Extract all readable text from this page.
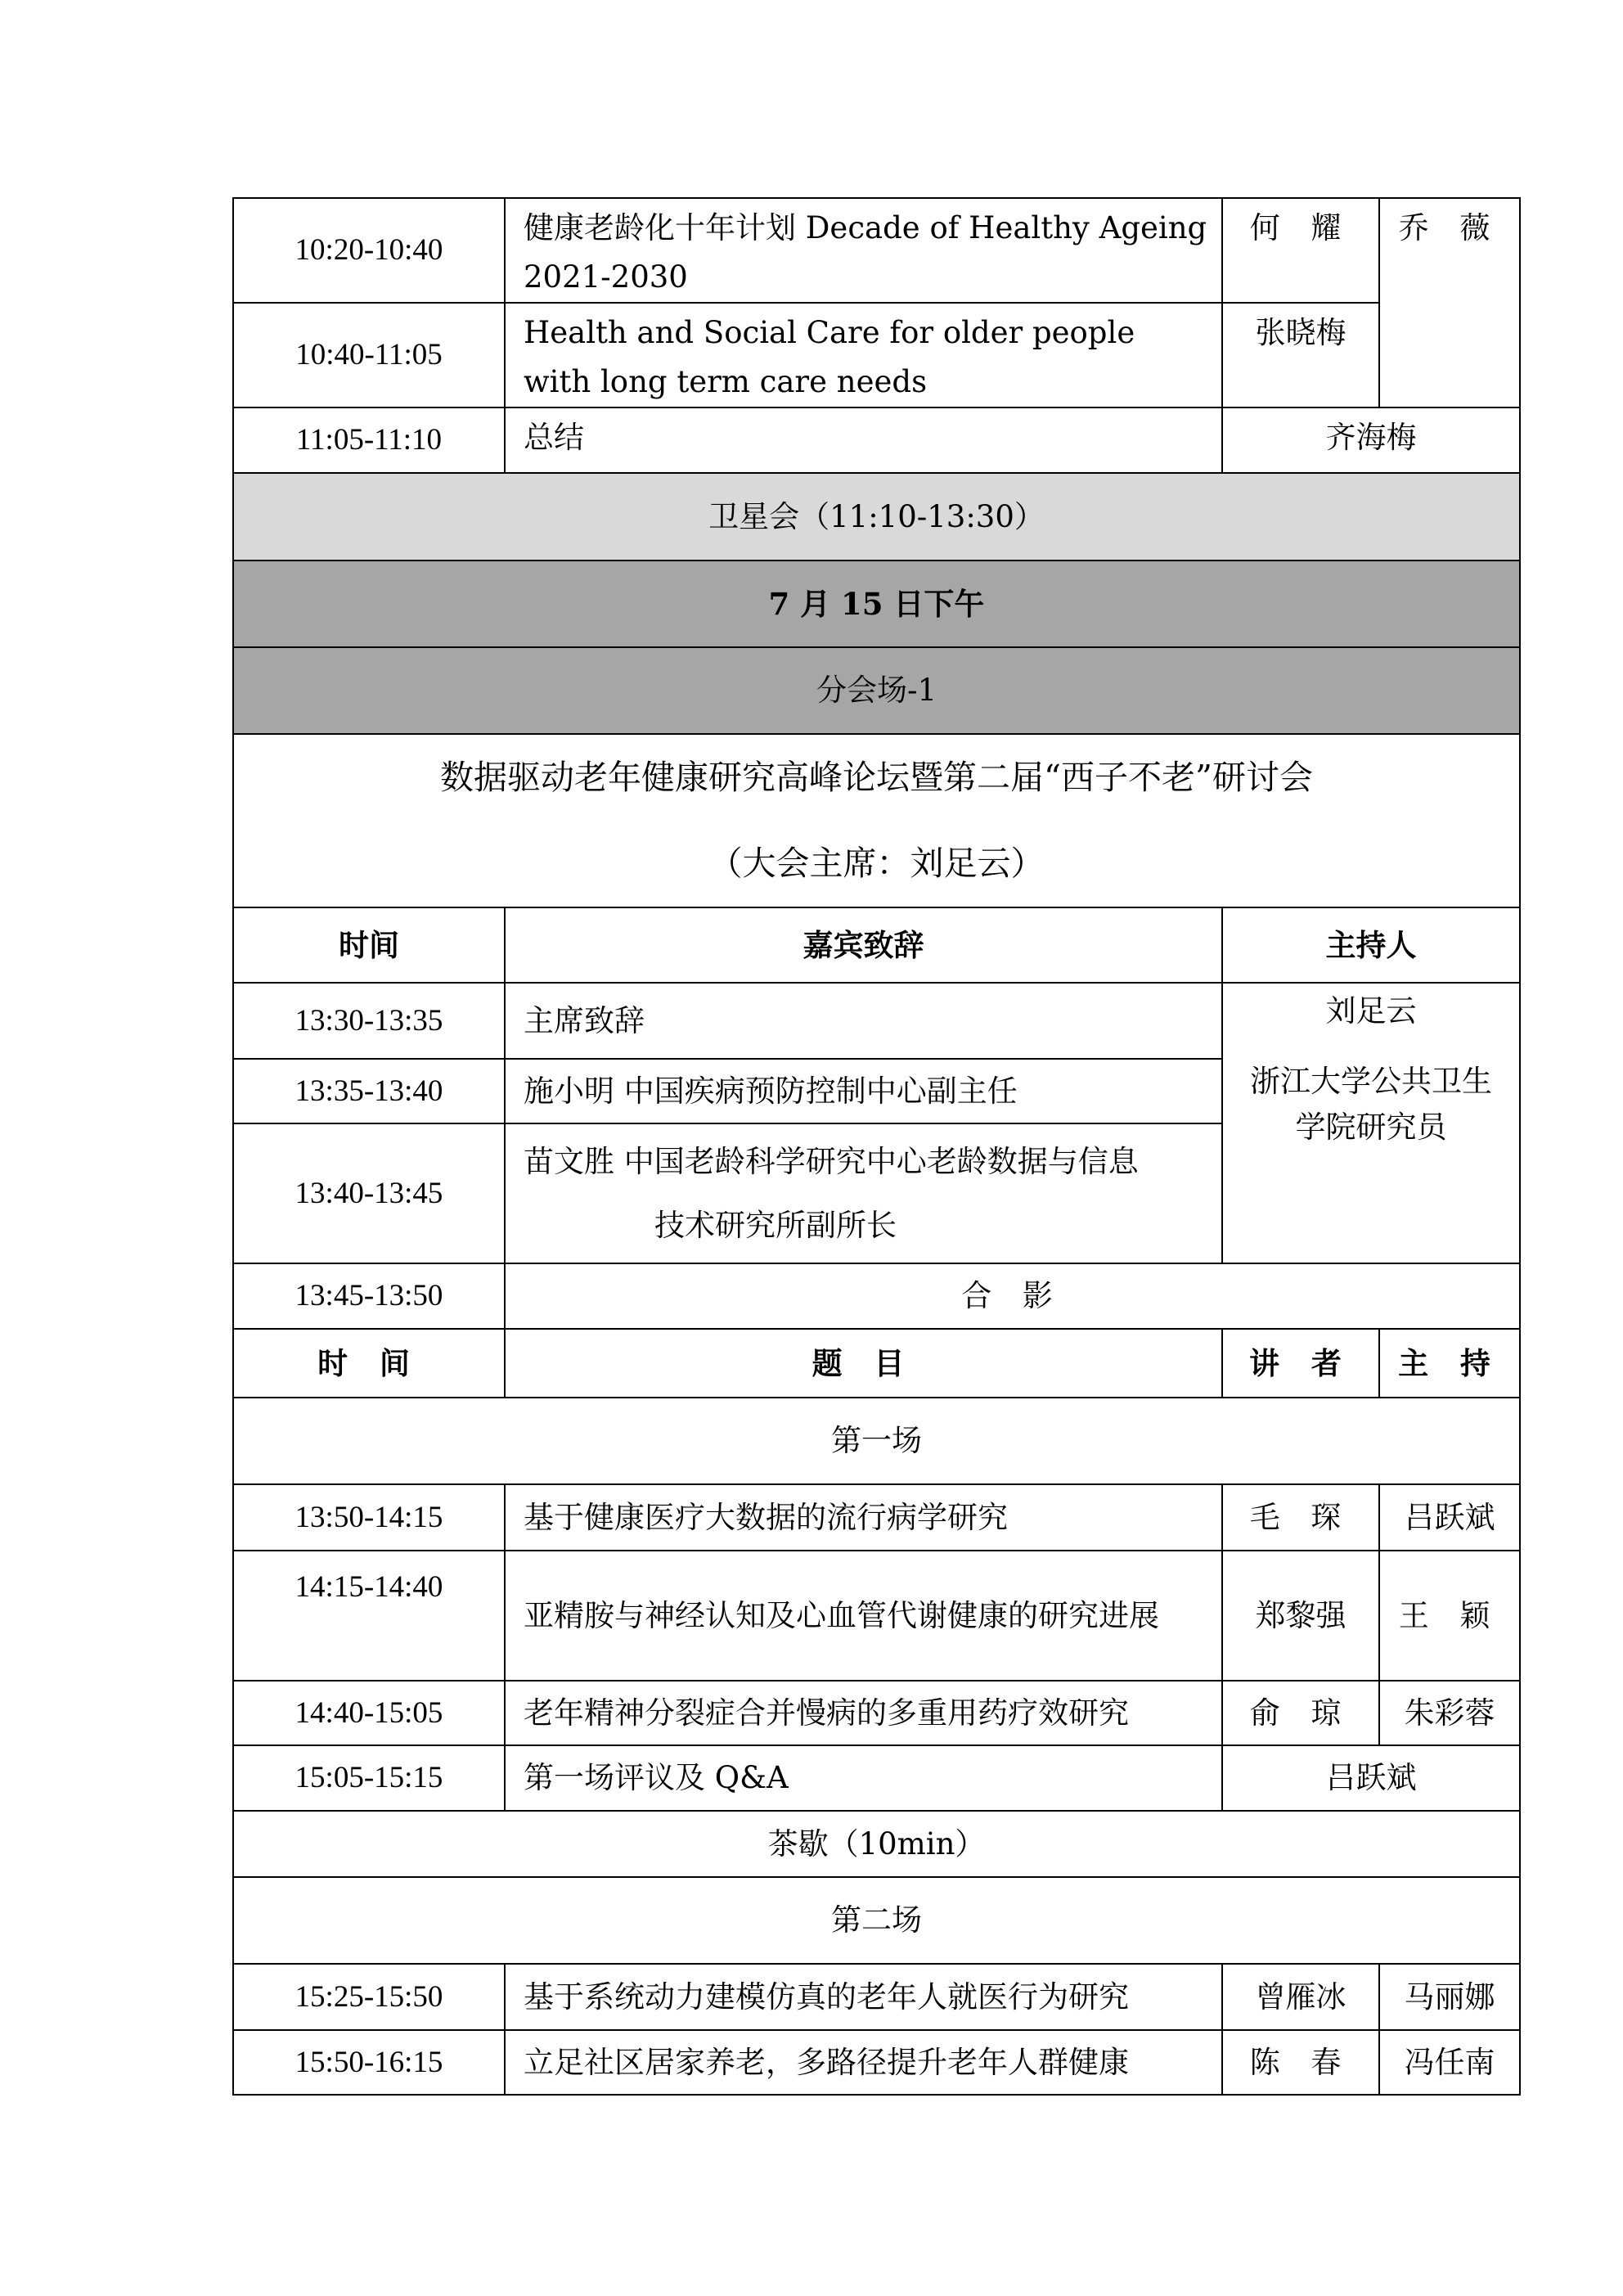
10:20-10:40	健康老龄化十年计划 Decade of Healthy Ageing 2021-2030	何 耀	乔 薇
10:40-11:05	Health and Social Care for older people with long term care needs	张晓梅	
11:05-11:10	总结	齐海梅	
卫星会（11:10-13:30）			
7 月 15 日下午			
分会场-1			

数据驱动老年健康研究高峰论坛暨第二届“西子不老”研讨会
（大会主席：刘足云）			

时间	嘉宾致辞	主持人	
13:30-13:35	主席致辞	刘足云
浙江大学公共卫生学院研究员	

13:35-13:40	施小明 中国疾病预防控制中心副主任		
13:40-13:45	苗文胜 中国老龄科学研究中心老龄数据与信息
技术研究所副所长		

13:45-13:50	合 影		
时 间	题 目	讲 者	主 持
第一场			
13:50-14:15	基于健康医疗大数据的流行病学研究	毛 琛	吕跃斌
14:15-14:40	亚精胺与神经认知及心血管代谢健康的研究进展	郑黎强	王 颖
14:40-15:05	老年精神分裂症合并慢病的多重用药疗效研究	俞 琼	朱彩蓉
15:05-15:15	第一场评议及 Q&A	吕跃斌	
茶歇（10min）			
第二场			
15:25-15:50	基于系统动力建模仿真的老年人就医行为研究	曾雁冰	马丽娜
15:50-16:15	立足社区居家养老，多路径提升老年人群健康	陈 春	冯任南
